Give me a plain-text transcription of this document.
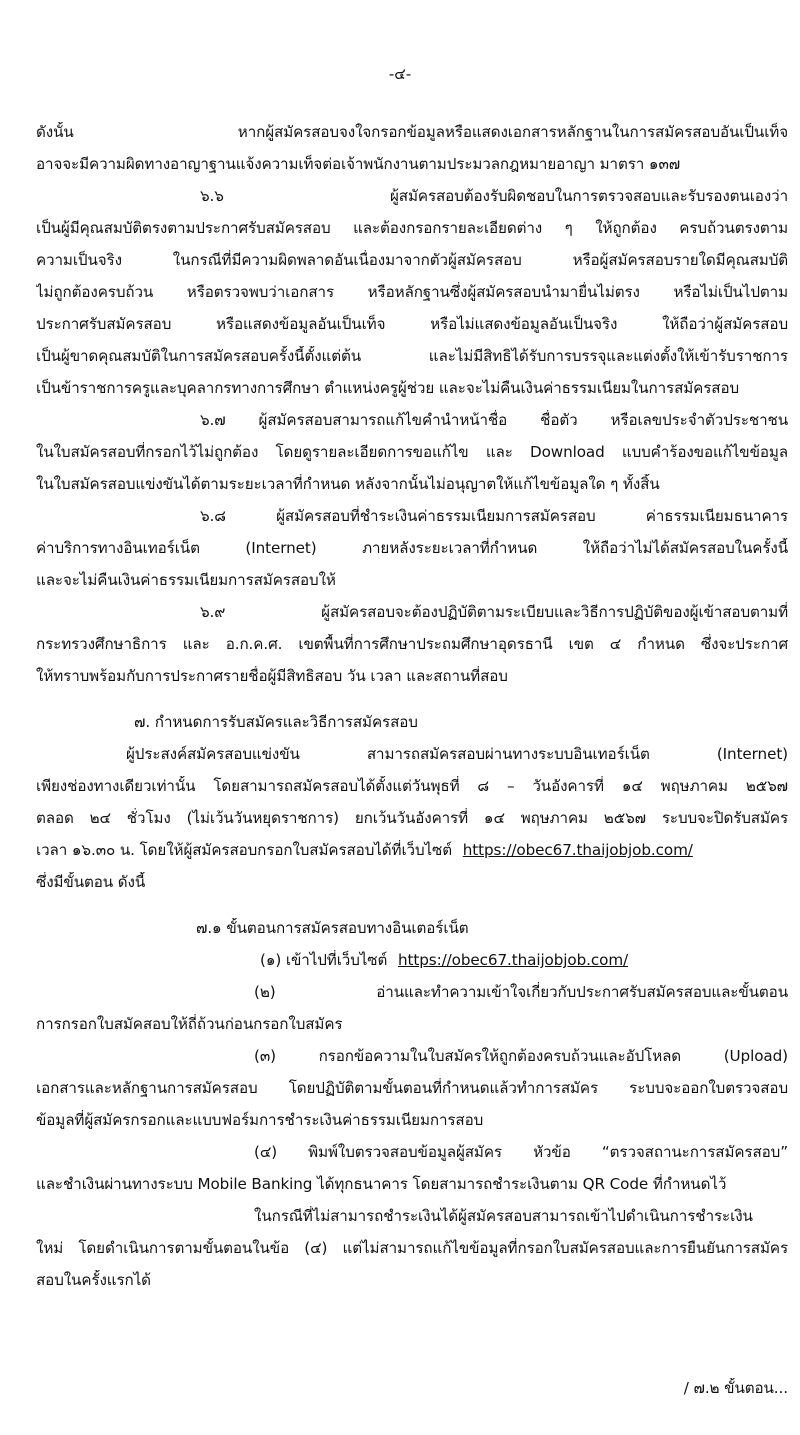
-๔-
ดังนั้น หากผู้สมัครสอบจงใจกรอกข้อมูลหรือแสดงเอกสารหลักฐานในการสมัครสอบอันเป็นเท็จ
อาจจะมีความผิดทางอาญาฐานแจ้งความเท็จต่อเจ้าพนักงานตามประมวลกฎหมายอาญา มาตรา ๑๓๗
๖.๖ ผู้สมัครสอบต้องรับผิดชอบในการตรวจสอบและรับรองตนเองว่า
เป็นผู้มีคุณสมบัติตรงตามประกาศรับสมัครสอบ และต้องกรอกรายละเอียดต่าง ๆ ให้ถูกต้อง ครบถ้วนตรงตาม
ความเป็นจริง ในกรณีที่มีความผิดพลาดอันเนื่องมาจากตัวผู้สมัครสอบ หรือผู้สมัครสอบรายใดมีคุณสมบัติ
ไม่ถูกต้องครบถ้วน หรือตรวจพบว่าเอกสาร หรือหลักฐานซึ่งผู้สมัครสอบนำมายื่นไม่ตรง หรือไม่เป็นไปตาม
ประกาศรับสมัครสอบ หรือแสดงข้อมูลอันเป็นเท็จ หรือไม่แสดงข้อมูลอันเป็นจริง ให้ถือว่าผู้สมัครสอบ
เป็นผู้ขาดคุณสมบัติในการสมัครสอบครั้งนี้ตั้งแต่ต้น และไม่มีสิทธิได้รับการบรรจุและแต่งตั้งให้เข้ารับราชการ
เป็นข้าราชการครูและบุคลากรทางการศึกษา ตำแหน่งครูผู้ช่วย และจะไม่คืนเงินค่าธรรมเนียมในการสมัครสอบ
๖.๗ ผู้สมัครสอบสามารถแก้ไขคำนำหน้าชื่อ ชื่อตัว หรือเลขประจำตัวประชาชน
ในใบสมัครสอบที่กรอกไว้ไม่ถูกต้อง โดยดูรายละเอียดการขอแก้ไข และ Download แบบคำร้องขอแก้ไขข้อมูล
ในใบสมัครสอบแข่งขันได้ตามระยะเวลาที่กำหนด หลังจากนั้นไม่อนุญาตให้แก้ไขข้อมูลใด ๆ ทั้งสิ้น
๖.๘ ผู้สมัครสอบที่ชำระเงินค่าธรรมเนียมการสมัครสอบ ค่าธรรมเนียมธนาคาร
ค่าบริการทางอินเทอร์เน็ต (Internet) ภายหลังระยะเวลาที่กำหนด ให้ถือว่าไม่ได้สมัครสอบในครั้งนี้
และจะไม่คืนเงินค่าธรรมเนียมการสมัครสอบให้
๖.๙ ผู้สมัครสอบจะต้องปฏิบัติตามระเบียบและวิธีการปฏิบัติของผู้เข้าสอบตามที่
กระทรวงศึกษาธิการ และ อ.ก.ค.ศ. เขตพื้นที่การศึกษาประถมศึกษาอุดรธานี เขต ๔ กำหนด ซึ่งจะประกาศ
ให้ทราบพร้อมกับการประกาศรายชื่อผู้มีสิทธิสอบ วัน เวลา และสถานที่สอบ
๗. กำหนดการรับสมัครและวิธีการสมัครสอบ
ผู้ประสงค์สมัครสอบแข่งขัน สามารถสมัครสอบผ่านทางระบบอินเทอร์เน็ต (Internet)
เพียงช่องทางเดียวเท่านั้น โดยสามารถสมัครสอบได้ตั้งแต่วันพุธที่ ๘ – วันอังคารที่ ๑๔ พฤษภาคม ๒๕๖๗
ตลอด ๒๔ ชั่วโมง (ไม่เว้นวันหยุดราชการ) ยกเว้นวันอังคารที่ ๑๔ พฤษภาคม ๒๕๖๗ ระบบจะปิดรับสมัคร
เวลา ๑๖.๓๐ น. โดยให้ผู้สมัครสอบกรอกใบสมัครสอบได้ที่เว็บไซต์ https://obec67.thaijobjob.com/
ซึ่งมีขั้นตอน ดังนี้
๗.๑ ขั้นตอนการสมัครสอบทางอินเตอร์เน็ต
(๑) เข้าไปที่เว็บไซต์ https://obec67.thaijobjob.com/
(๒) อ่านและทำความเข้าใจเกี่ยวกับประกาศรับสมัครสอบและขั้นตอน
การกรอกใบสมัคสอบให้ถี่ถ้วนก่อนกรอกใบสมัคร
(๓) กรอกข้อความในใบสมัครให้ถูกต้องครบถ้วนและอัปโหลด (Upload)
เอกสารและหลักฐานการสมัครสอบ โดยปฏิบัติตามขั้นตอนที่กำหนดแล้วทำการสมัคร ระบบจะออกใบตรวจสอบ
ข้อมูลที่ผู้สมัครกรอกและแบบฟอร์มการชำระเงินค่าธรรมเนียมการสอบ
(๔) พิมพ์ใบตรวจสอบข้อมูลผู้สมัคร หัวข้อ “ตรวจสถานะการสมัครสอบ”
และชำเงินผ่านทางระบบ Mobile Banking ได้ทุกธนาคาร โดยสามารถชำระเงินตาม QR Code ที่กำหนดไว้
ในกรณีที่ไม่สามารถชำระเงินได้ผู้สมัครสอบสามารถเข้าไปดำเนินการชำระเงิน
ใหม่ โดยดำเนินการตามขั้นตอนในข้อ (๔) แต่ไม่สามารถแก้ไขข้อมูลที่กรอกใบสมัครสอบและการยืนยันการสมัคร
สอบในครั้งแรกได้
/ ๗.๒ ขั้นตอน...
